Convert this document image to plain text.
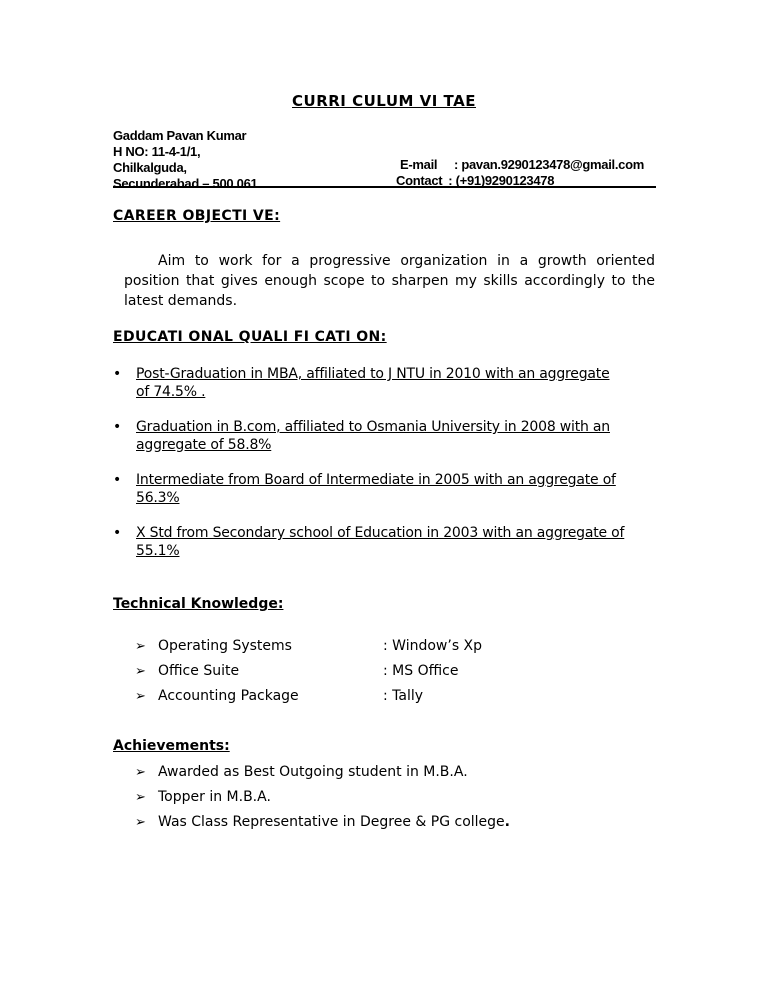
CURRI CULUM VI TAE
Gaddam Pavan Kumar
H NO: 11-4-1/1,
Chilkalguda,
Secunderabad – 500 061.
E-mail	: pavan.9290123478@gmail.com
Contact : (+91)9290123478
CAREER OBJECTI VE:
Aim to work for a progressive organization in a growth oriented position that gives enough scope to sharpen my skills accordingly to the latest demands.
EDUCATI ONAL QUALI FI CATI ON:
• Post-Graduation in MBA, affiliated to J NTU in 2010 with an aggregate
of 74.5% .
• Graduation in B.com, affiliated to Osmania University in 2008 with an
aggregate of 58.8%
• Intermediate from Board of Intermediate in 2005 with an aggregate of
56.3%
• X Std from Secondary school of Education in 2003 with an aggregate of
55.1%
Technical Knowledge:
➢ Operating Systems	: Window’s Xp
➢ Office Suite	: MS Office
➢ Accounting Package	: Tally
Achievements:
➢ Awarded as Best Outgoing student in M.B.A.
➢ Topper in M.B.A.
➢ Was Class Representative in Degree & PG college.
